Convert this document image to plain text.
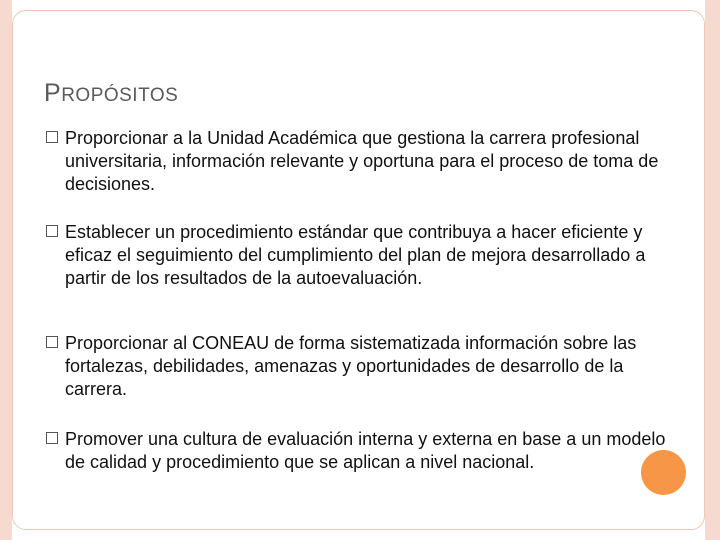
PROPÓSITOS
Proporcionar a la Unidad Académica que gestiona la carrera profesional universitaria, información relevante y oportuna para el proceso de toma de decisiones.
Establecer un procedimiento estándar que contribuya a hacer eficiente y eficaz el seguimiento del cumplimiento del plan de mejora desarrollado a partir de los resultados de la autoevaluación.
Proporcionar al CONEAU de forma sistematizada información sobre las fortalezas, debilidades, amenazas y oportunidades de desarrollo de la carrera.
Promover una cultura de evaluación interna y externa en base a un modelo de calidad y procedimiento que se aplican a nivel nacional.
